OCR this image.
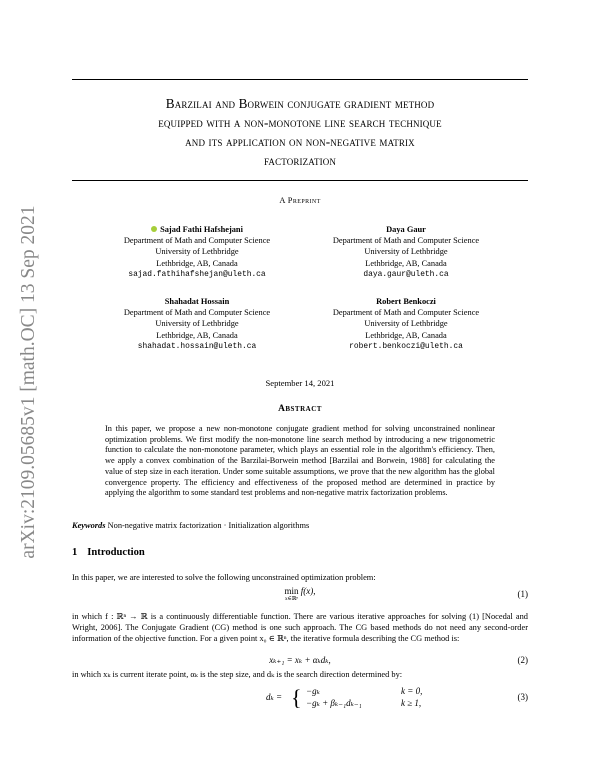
arXiv:2109.05685v1 [math.OC] 13 Sep 2021
Barzilai and Borwein conjugate gradient method
equipped with a non-monotone line search technique
and its application on non-negative matrix
factorization
A Preprint
Sajad Fathi Hafshejani
Department of Math and Computer Science
University of Lethbridge
Lethbridge, AB, Canada
sajad.fathihafshejan@uleth.ca
Daya Gaur
Department of Math and Computer Science
University of Lethbridge
Lethbridge, AB, Canada
daya.gaur@uleth.ca
Shahadat Hossain
Department of Math and Computer Science
University of Lethbridge
Lethbridge, AB, Canada
shahadat.hossain@uleth.ca
Robert Benkoczi
Department of Math and Computer Science
University of Lethbridge
Lethbridge, AB, Canada
robert.benkoczi@uleth.ca
September 14, 2021
Abstract
In this paper, we propose a new non-monotone conjugate gradient method for solving unconstrained nonlinear optimization problems. We first modify the non-monotone line search method by introducing a new trigonometric function to calculate the non-monotone parameter, which plays an essential role in the algorithm's efficiency. Then, we apply a convex combination of the Barzilai-Borwein method [Barzilai and Borwein, 1988] for calculating the value of step size in each iteration. Under some suitable assumptions, we prove that the new algorithm has the global convergence property. The efficiency and effectiveness of the proposed method are determined in practice by applying the algorithm to some standard test problems and non-negative matrix factorization problems.
Keywords Non-negative matrix factorization · Initialization algorithms
1 Introduction
In this paper, we are interested to solve the following unconstrained optimization problem:
min
x∈ℝⁿ
f(x),	(1)
in which f : ℝⁿ → ℝ is a continuously differentiable function. There are various iterative approaches for solving (1) [Nocedal and Wright, 2006]. The Conjugate Gradient (CG) method is one such approach. The CG based methods do not need any second-order information of the objective function. For a given point x₀ ∈ ℝⁿ, the iterative formula describing the CG method is:
xₖ₊₁ = xₖ + αₖdₖ,	(2)
in which xₖ is current iterate point, αₖ is the step size, and dₖ is the search direction determined by:
dₖ = { −gₖ	k = 0,
−gₖ + βₖ₋₁dₖ₋₁	k ≥ 1,
(3)
